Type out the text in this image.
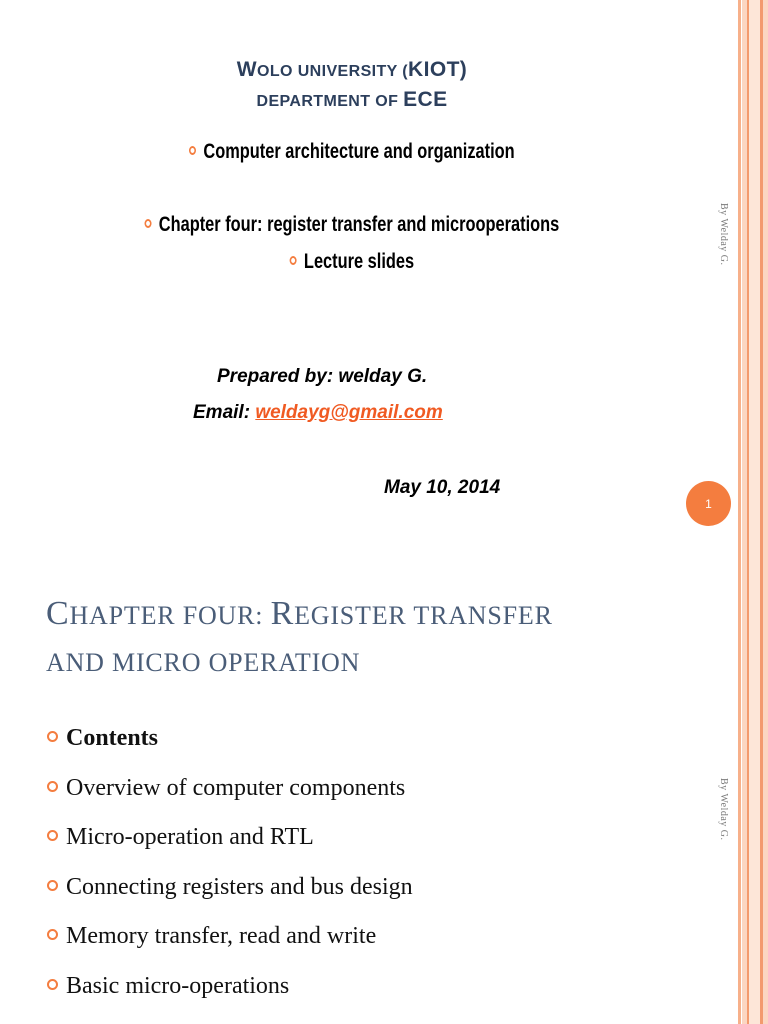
WOLO UNIVERSITY (KIOT)
DEPARTMENT OF ECE
Computer architecture and organization
Chapter four: register transfer and microoperations
Lecture slides
Prepared by: welday G.
Email: weldayg@gmail.com
May 10, 2014
By Welday G.
1
CHAPTER FOUR: REGISTER TRANSFER
AND MICRO OPERATION
Contents
Overview of computer components
Micro-operation and RTL
Connecting registers and bus design
Memory transfer, read and write
Basic micro-operations
By Welday G.
